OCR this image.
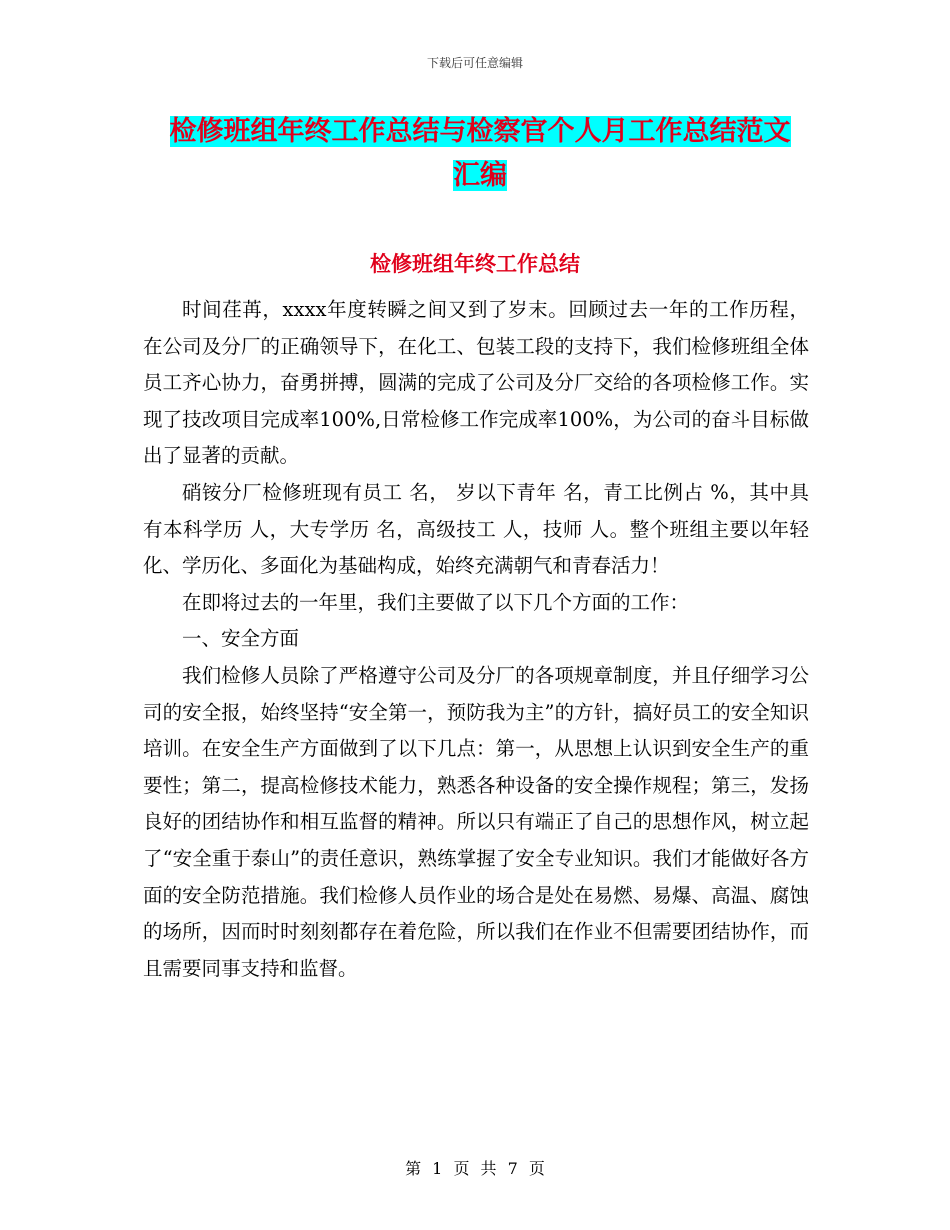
下载后可任意编辑
检修班组年终工作总结与检察官个人月工作总结范文
汇编
检修班组年终工作总结

时间荏苒，xxxx年度转瞬之间又到了岁末。回顾过去一年的工作历程，在公司及分厂的正确领导下，在化工、包装工段的支持下，我们检修班组全体员工齐心协力，奋勇拼搏，圆满的完成了公司及分厂交给的各项检修工作。实现了技改项目完成率100%,日常检修工作完成率100%，为公司的奋斗目标做出了显著的贡献。

硝铵分厂检修班现有员工 名， 岁以下青年 名，青工比例占 %，其中具有本科学历 人，大专学历 名，高级技工 人，技师 人。整个班组主要以年轻化、学历化、多面化为基础构成，始终充满朝气和青春活力！

在即将过去的一年里，我们主要做了以下几个方面的工作：

一、安全方面

我们检修人员除了严格遵守公司及分厂的各项规章制度，并且仔细学习公司的安全报，始终坚持“安全第一，预防我为主”的方针，搞好员工的安全知识培训。在安全生产方面做到了以下几点：第一，从思想上认识到安全生产的重要性；第二，提高检修技术能力，熟悉各种设备的安全操作规程；第三，发扬良好的团结协作和相互监督的精神。所以只有端正了自己的思想作风，树立起了“安全重于泰山”的责任意识，熟练掌握了安全专业知识。我们才能做好各方面的安全防范措施。我们检修人员作业的场合是处在易燃、易爆、高温、腐蚀的场所，因而时时刻刻都存在着危险，所以我们在作业不但需要团结协作，而且需要同事支持和监督。

第 1 页 共 7 页
